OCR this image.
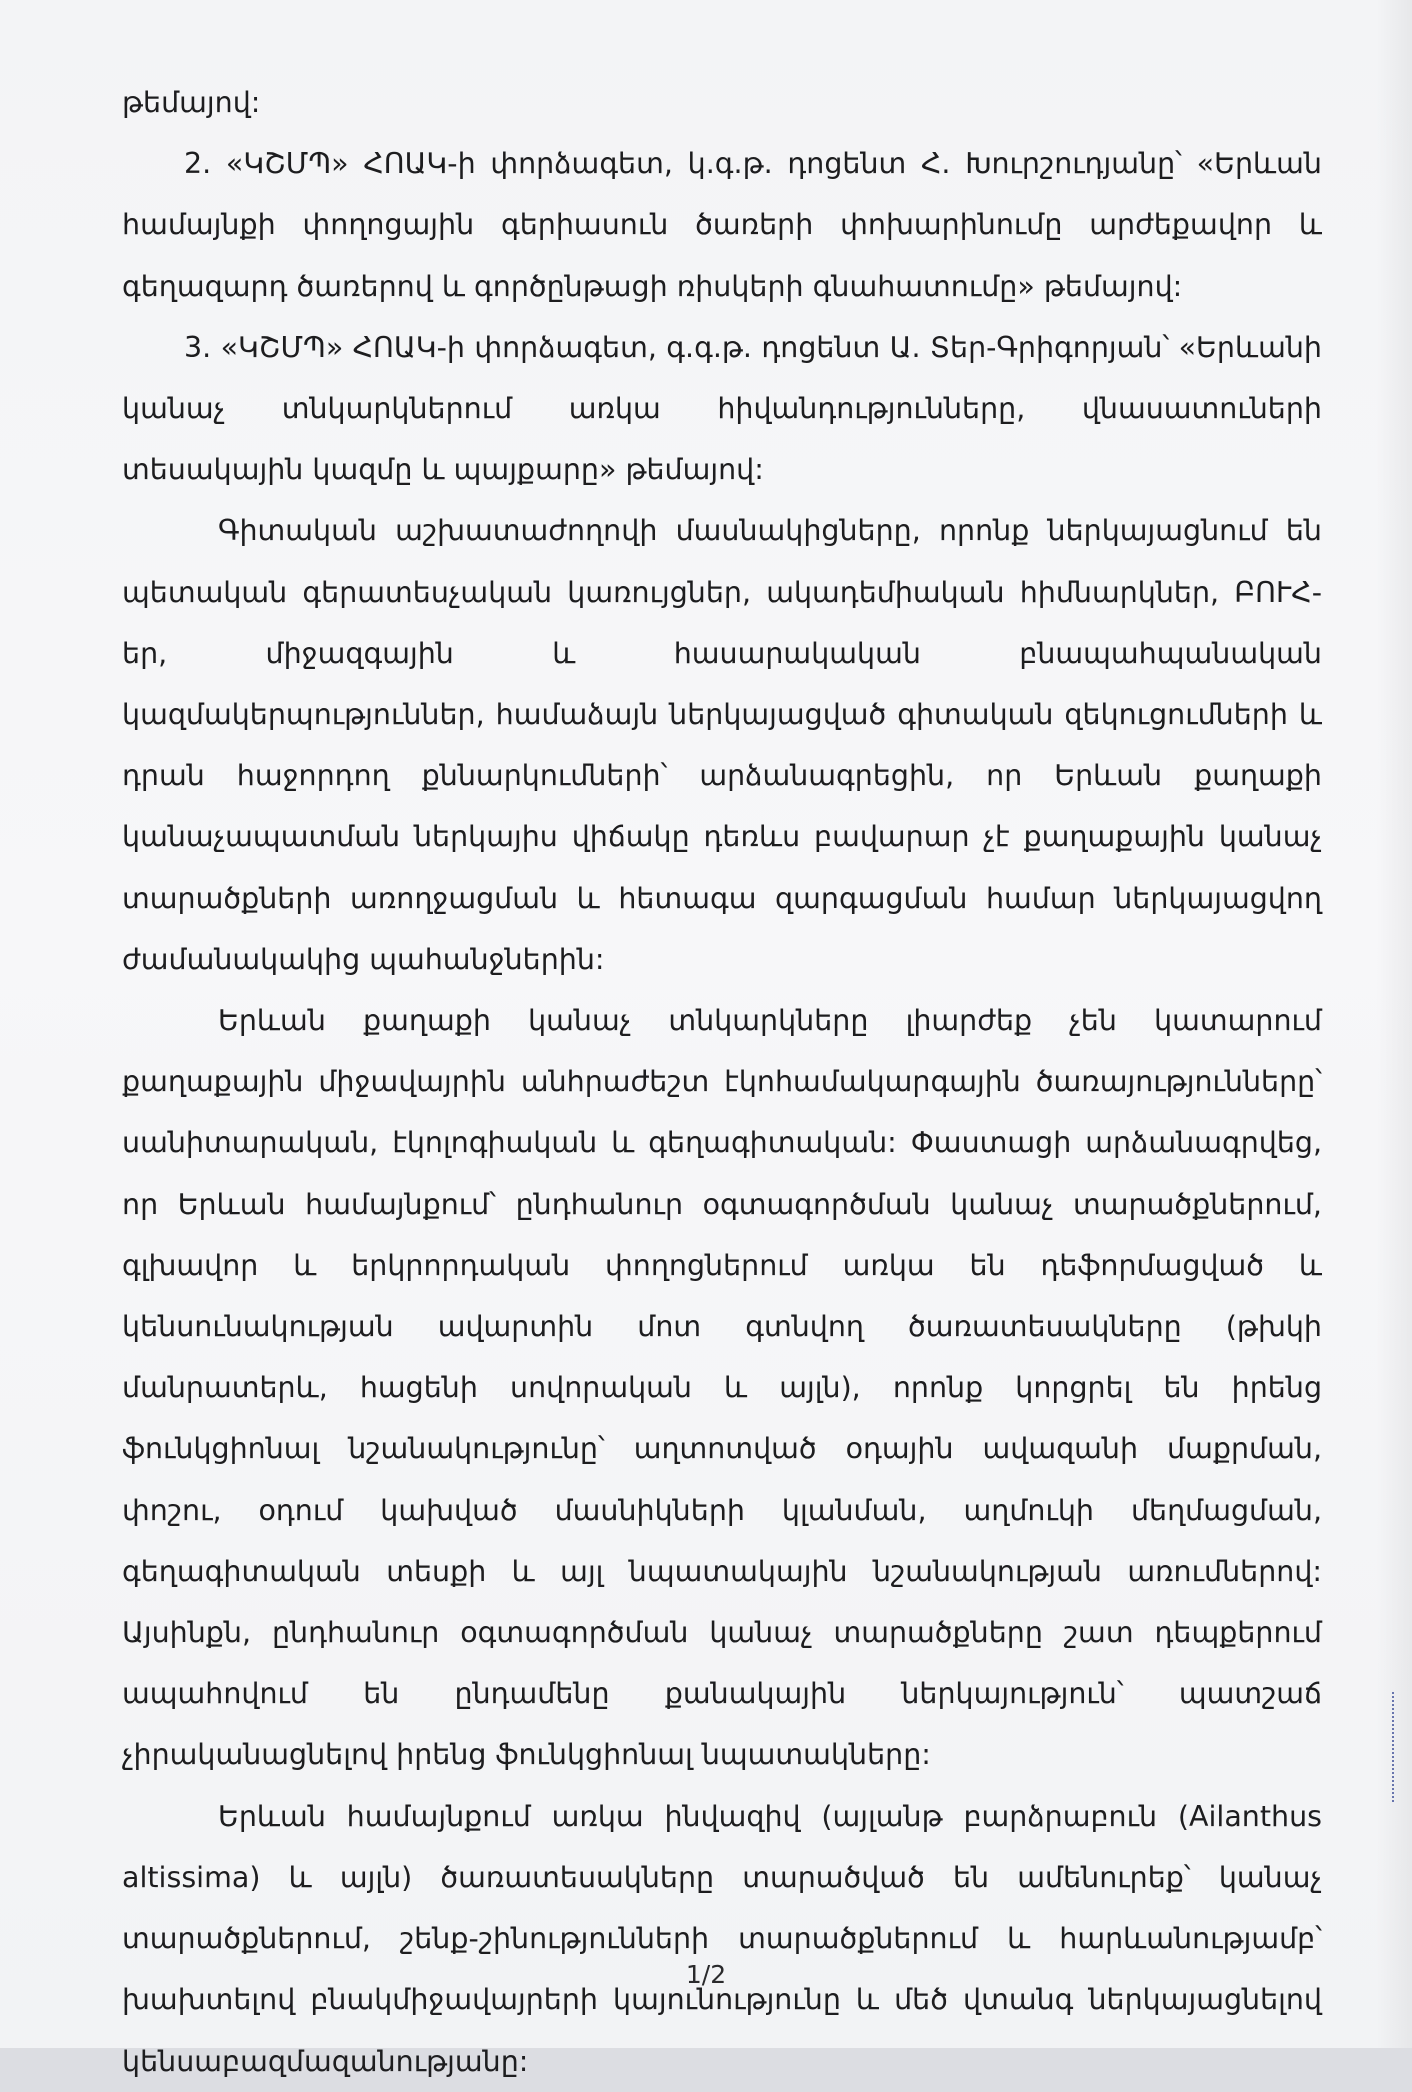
թեմայով:

2. «ԿՇՄՊ» ՀՈԱԿ-ի փորձագետ, կ.գ.թ. դոցենտ Հ. Խուրշուդյանը՝ «Երևան համայնքի փողոցային գերիասուն ծառերի փոխարինումը արժեքավոր և գեղազարդ ծառերով և գործընթացի ռիսկերի գնահատումը» թեմայով:

3. «ԿՇՄՊ» ՀՈԱԿ-ի փորձագետ, գ.գ.թ. դոցենտ Ա. Տեր-Գրիգորյան՝ «Երևանի կանաչ տնկարկներում առկա հիվանդությունները, վնասատուների տեսակային կազմը և պայքարը» թեմայով:

Գիտական աշխատաժողովի մասնակիցները, որոնք ներկայացնում են պետական գերատեսչական կառույցներ, ակադեմիական հիմնարկներ, ԲՈՒՀ-եր, միջազգային և հասարակական բնապահպանական կազմակերպություններ, համաձայն ներկայացված գիտական զեկուցումների և դրան հաջորդող քննարկումների՝ արձանագրեցին, որ Երևան քաղաքի կանաչապատման ներկայիս վիճակը դեռևս բավարար չէ քաղաքային կանաչ տարածքների առողջացման և հետագա զարգացման համար ներկայացվող ժամանակակից պահանջներին:

Երևան քաղաքի կանաչ տնկարկները լիարժեք չեն կատարում քաղաքային միջավայրին անհրաժեշտ էկոհամակարգային ծառայությունները՝ սանիտարական, էկոլոգիական և գեղագիտական: Փաստացի արձանագրվեց, որ Երևան համայնքում՝ ընդհանուր օգտագործման կանաչ տարածքներում, գլխավոր և երկրորդական փողոցներում առկա են դեֆորմացված և կենսունակության ավարտին մոտ գտնվող ծառատեսակները (թխկի մանրատերև, հացենի սովորական և այլն), որոնք կորցրել են իրենց ֆունկցիոնալ նշանակությունը՝ աղտոտված օդային ավազանի մաքրման, փոշու, օդում կախված մասնիկների կլանման, աղմուկի մեղմացման, գեղագիտական տեսքի և այլ նպատակային նշանակության առումներով: Այսինքն, ընդհանուր օգտագործման կանաչ տարածքները շատ դեպքերում ապահովում են ընդամենը քանակային ներկայություն՝ պատշաճ չիրականացնելով իրենց ֆունկցիոնալ նպատակները:

Երևան համայնքում առկա ինվազիվ (այլանթ բարձրաբուն (Ailanthus altissima) և այլն) ծառատեսակները տարածված են ամենուրեք՝ կանաչ տարածքներում, շենք-շինությունների տարածքներում և հարևանությամբ՝ խախտելով բնակմիջավայրերի կայունությունը և մեծ վտանգ ներկայացնելով կենսաբազմազանությանը:

1/2
